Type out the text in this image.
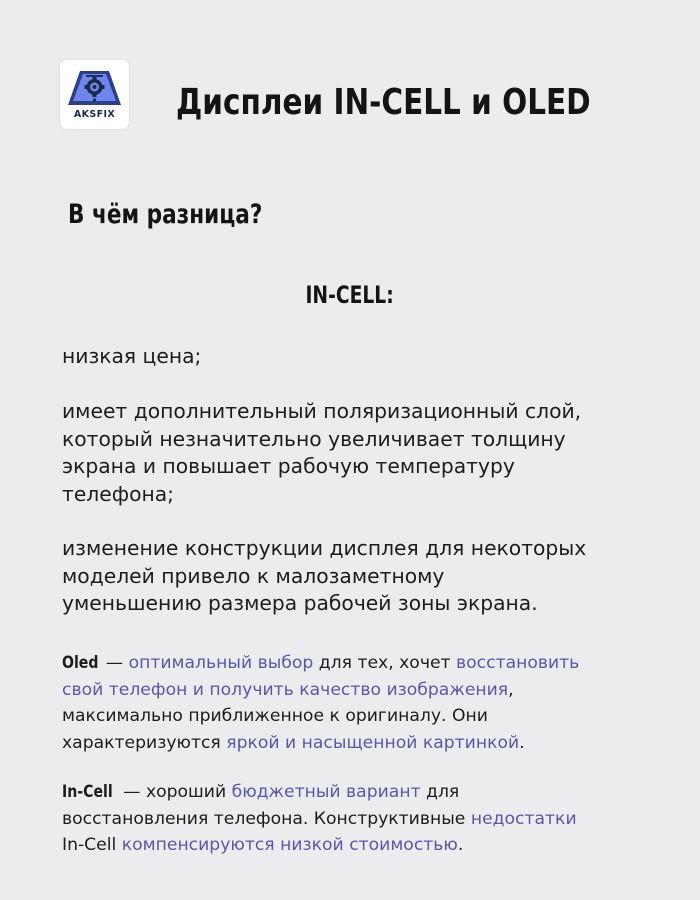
AKSFIX	Дисплеи IN-CELL и OLED
В чём разница?
IN-CELL:
низкая цена;
имеет дополнительный поляризационный слой,
который незначительно увеличивает толщину
экрана и повышает рабочую температуру
телефона;
изменение конструкции дисплея для некоторых
моделей привело к малозаметному
уменьшению размера рабочей зоны экрана.
Oled — оптимальный выбор для тех, хочет восстановить
свой телефон и получить качество изображения,
максимально приближенное к оригиналу. Они
характеризуются яркой и насыщенной картинкой.
In-Cell — хороший бюджетный вариант для
восстановления телефона. Конструктивные недостатки
In-Cell компенсируются низкой стоимостью.
